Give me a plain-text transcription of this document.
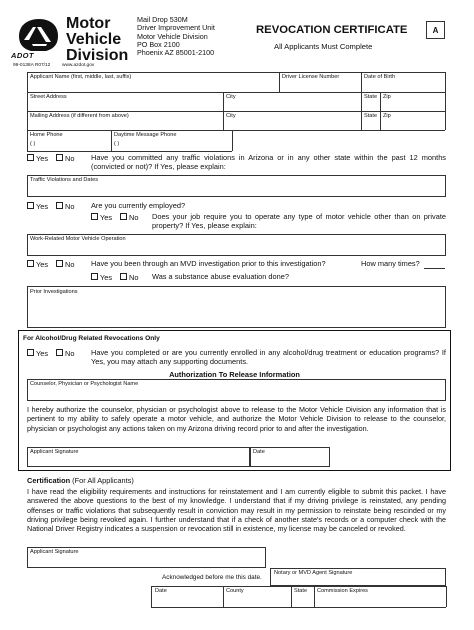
ADOT
Motor
Vehicle
Division
Mail Drop 530M
Driver Improvement Unit
Motor Vehicle Division
PO Box 2100
Phoenix AZ 85001-2100
99-0138A R07/12 www.azdot.gov
REVOCATION CERTIFICATE
All Applicants Must Complete
A
Applicant Name (first, middle, last, suffix)	Driver License Number	Date of Birth
Street Address	City	State Zip
Mailing Address (if different from above)	City	State Zip
Home Phone
( )
Daytime Message Phone
( )
Yes	No Have you committed any traffic violations in Arizona or in any other state within the past 12 months (convicted or not)? If Yes, please explain:
Traffic Violations and Dates
Yes	No Are you currently employed?
Yes	No Does your job require you to operate any type of motor vehicle other than on private property? If Yes, please explain:
Work-Related Motor Vehicle Operation
Yes	No Have you been through an MVD investigation prior to this investigation?	How many times?
Yes	No Was a substance abuse evaluation done?
Prior Investigations
For Alcohol/Drug Related Revocations Only
Yes	No Have you completed or are you currently enrolled in any alcohol/drug treatment or education programs? If Yes, you may attach any supporting documents.
Authorization To Release Information
Counselor, Physician or Psychologist Name
I hereby authorize the counselor, physician or psychologist above to release to the Motor Vehicle Division any information that is pertinent to my ability to safely operate a motor vehicle, and authorize the Motor Vehicle Division to release to the counselor, physician or psychologist any actions taken on my Arizona driving record prior to and after the investigation.
Applicant Signature	Date
Certification (For All Applicants)
I have read the eligibility requirements and instructions for reinstatement and I am currently eligible to submit this packet. I have answered the above questions to the best of my knowledge. I understand that if my driving privilege is reinstated, any pending offenses or traffic violations that subsequently result in conviction may result in my permission to reinstate being rescinded or my driving privilege being revoked again. I further understand that if a check of another state's records or a computer check with the National Driver Registry indicates a suspension or revocation still in existence, my license may be canceled or revoked.
Applicant Signature
Acknowledged before me this date.
Notary or MVD Agent Signature
Date	County	State Commission Expires
